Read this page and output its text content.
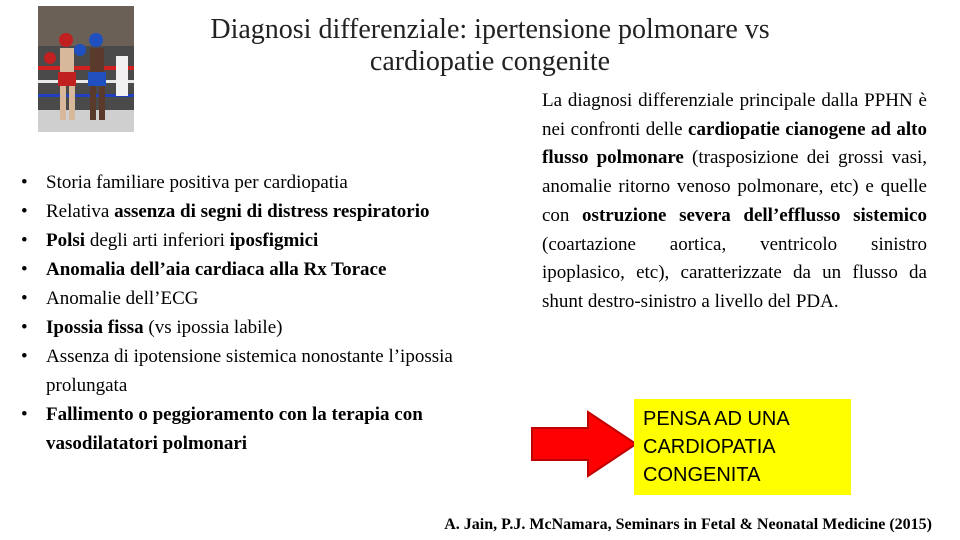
Diagnosi differenziale: ipertensione polmonare vs
cardiopatie congenite
• Storia familiare positiva per cardiopatia
• Relativa assenza di segni di distress respiratorio
• Polsi degli arti inferiori iposfigmici
• Anomalia dell’aia cardiaca alla Rx Torace
• Anomalie dell’ECG
• Ipossia fissa (vs ipossia labile)
• Assenza di ipotensione sistemica nonostante l’ipossia prolungata
• Fallimento o peggioramento con la terapia con vasodilatatori polmonari
La diagnosi differenziale principale dalla PPHN è nei confronti delle cardiopatie cianogene ad alto flusso polmonare (trasposizione dei grossi vasi, anomalie ritorno venoso polmonare, etc) e quelle con ostruzione severa dell’efflusso sistemico (coartazione aortica, ventricolo sinistro ipoplasico, etc), caratterizzate da un flusso da shunt destro-sinistro a livello del PDA.
PENSA AD UNA
CARDIOPATIA
CONGENITA
A. Jain, P.J. McNamara, Seminars in Fetal & Neonatal Medicine (2015)
